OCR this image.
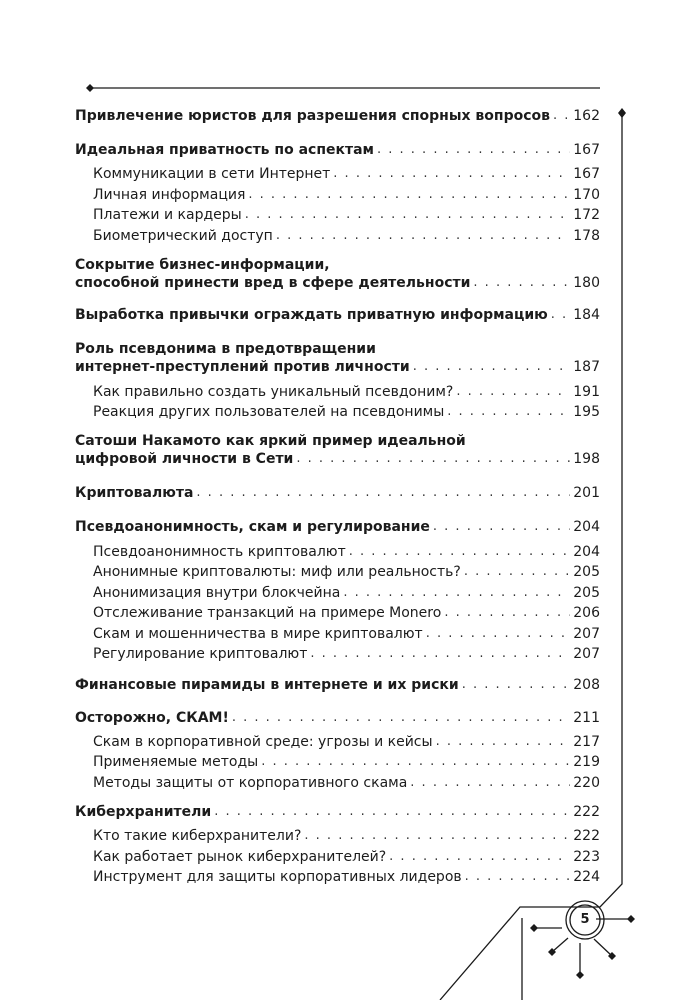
5
Привлечение юристов для разрешения спорных вопросов . . . 162
Идеальная приватность по аспектам . . .	167
Коммуникации в сети Интернет . . .	167
Личная информация . . .	170
Платежи и кардеры . . .	172
Биометрический доступ . . .	178
Сокрытие бизнес-информации,
способной принести вред в сфере деятельности . . .	180
Выработка привычки ограждать приватную информацию . . . 184
Роль псевдонима в предотвращении
интернет-преступлений против личности . . .	187
Как правильно создать уникальный псевдоним? . . .	191
Реакция других пользователей на псевдонимы . . .	195
Сатоши Накамото как яркий пример идеальной
цифровой личности в Сети . . .	198
Криптовалюта . . .	201
Псевдоанонимность, скам и регулирование . . .	204
Псевдоанонимность криптовалют . . .	204
Анонимные криптовалюты: миф или реальность? . . .	205
Анонимизация внутри блокчейна . . .	205
Отслеживание транзакций на примере Monero . . .	206
Скам и мошенничества в мире криптовалют . . .	207
Регулирование криптовалют . . .	207
Финансовые пирамиды в интернете и их риски . . .	208
Осторожно, СКАМ! . . .	211
Скам в корпоративной среде: угрозы и кейсы . . .	217
Применяемые методы . . .	219
Методы защиты от корпоративного скама . . .	220
Киберхранители . . .	222
Кто такие киберхранители? . . .	222
Как работает рынок киберхранителей? . . .	223
Инструмент для защиты корпоративных лидеров . . .	224
